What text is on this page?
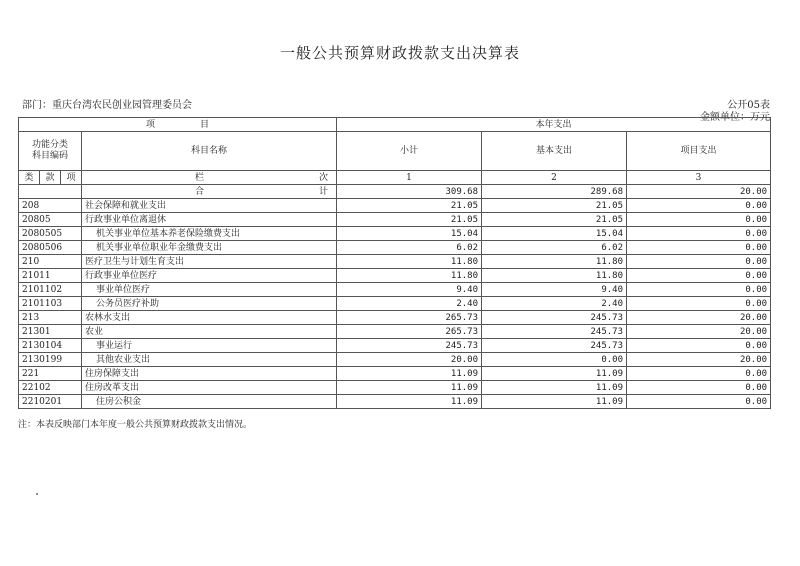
一般公共预算财政拨款支出决算表
部门：重庆台湾农民创业园管理委员会	公开05表
金额单位：万元
项　　　　　目				本年支出		
功能分类
科目编码			科目名称	小计	基本支出	项目支出
类	款	项				
			栏 次	1	2	3
			合 计	309.68	289.68	20.00
208			社会保障和就业支出	21.05	21.05	0.00
20805			行政事业单位离退休	21.05	21.05	0.00
2080505			机关事业单位基本养老保险缴费支出	15.04	15.04	0.00
2080506			机关事业单位职业年金缴费支出	6.02	6.02	0.00
210			医疗卫生与计划生育支出	11.80	11.80	0.00
21011			行政事业单位医疗	11.80	11.80	0.00
2101102			事业单位医疗	9.40	9.40	0.00
2101103			公务员医疗补助	2.40	2.40	0.00
213			农林水支出	265.73	245.73	20.00
21301			农业	265.73	245.73	20.00
2130104			事业运行	245.73	245.73	0.00
2130199			其他农业支出	20.00	0.00	20.00
221			住房保障支出	11.09	11.09	0.00
22102			住房改革支出	11.09	11.09	0.00
2210201			住房公积金	11.09	11.09	0.00
注：本表反映部门本年度一般公共预算财政拨款支出情况。
